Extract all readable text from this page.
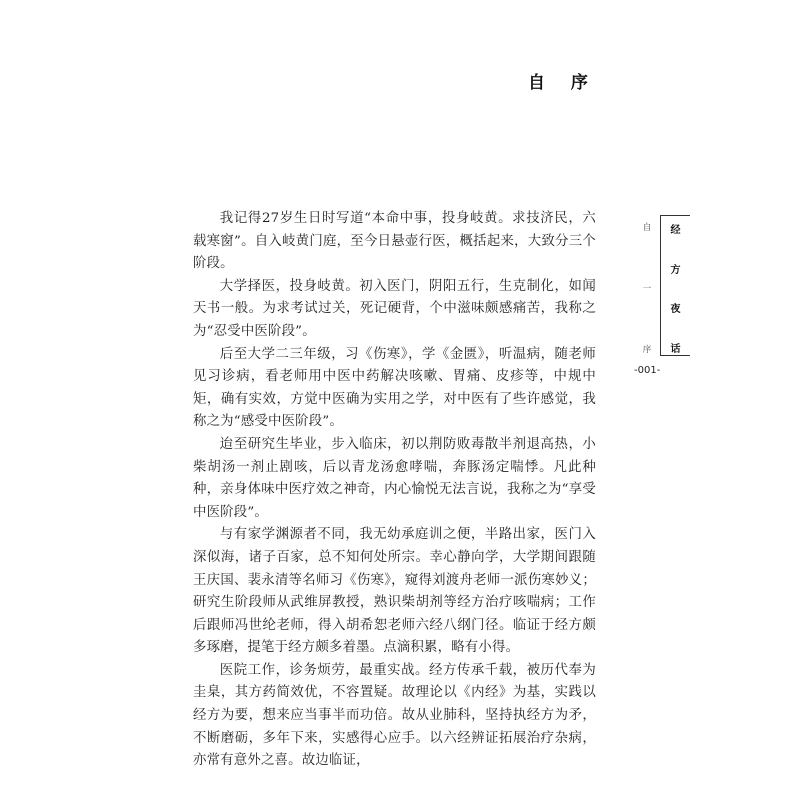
自 序

我记得27岁生日时写道“本命中事，投身岐黄。求技济民，六载寒窗”。自入岐黄门庭，至今日悬壶行医，概括起来，大致分三个阶段。

大学择医，投身岐黄。初入医门，阴阳五行，生克制化，如闻天书一般。为求考试过关，死记硬背，个中滋味颇感痛苦，我称之为“忍受中医阶段”。

后至大学二三年级，习《伤寒》，学《金匮》，听温病，随老师见习诊病，看老师用中医中药解决咳嗽、胃痛、皮疹等，中规中矩，确有实效，方觉中医确为实用之学，对中医有了些许感觉，我称之为“感受中医阶段”。

迨至研究生毕业，步入临床，初以荆防败毒散半剂退高热，小柴胡汤一剂止剧咳，后以青龙汤愈哮喘，奔豚汤定喘悸。凡此种种，亲身体味中医疗效之神奇，内心愉悦无法言说，我称之为“享受中医阶段”。

与有家学渊源者不同，我无幼承庭训之便，半路出家，医门入深似海，诸子百家，总不知何处所宗。幸心静向学，大学期间跟随王庆国、裴永清等名师习《伤寒》，窥得刘渡舟老师一派伤寒妙义；研究生阶段师从武维屏教授，熟识柴胡剂等经方治疗咳喘病；工作后跟师冯世纶老师，得入胡希恕老师六经八纲门径。临证于经方颇多琢磨，提笔于经方颇多着墨。点滴积累，略有小得。

医院工作，诊务烦劳，最重实战。经方传承千载，被历代奉为圭臬，其方药简效优，不容置疑。故理论以《内经》为基，实践以经方为要，想来应当事半而功倍。故从业肺科，坚持执经方为矛，不断磨砺，多年下来，实感得心应手。以六经辨证拓展治疗杂病，亦常有意外之喜。故边临证，

自
一
序
经
方
夜
话
-001-
